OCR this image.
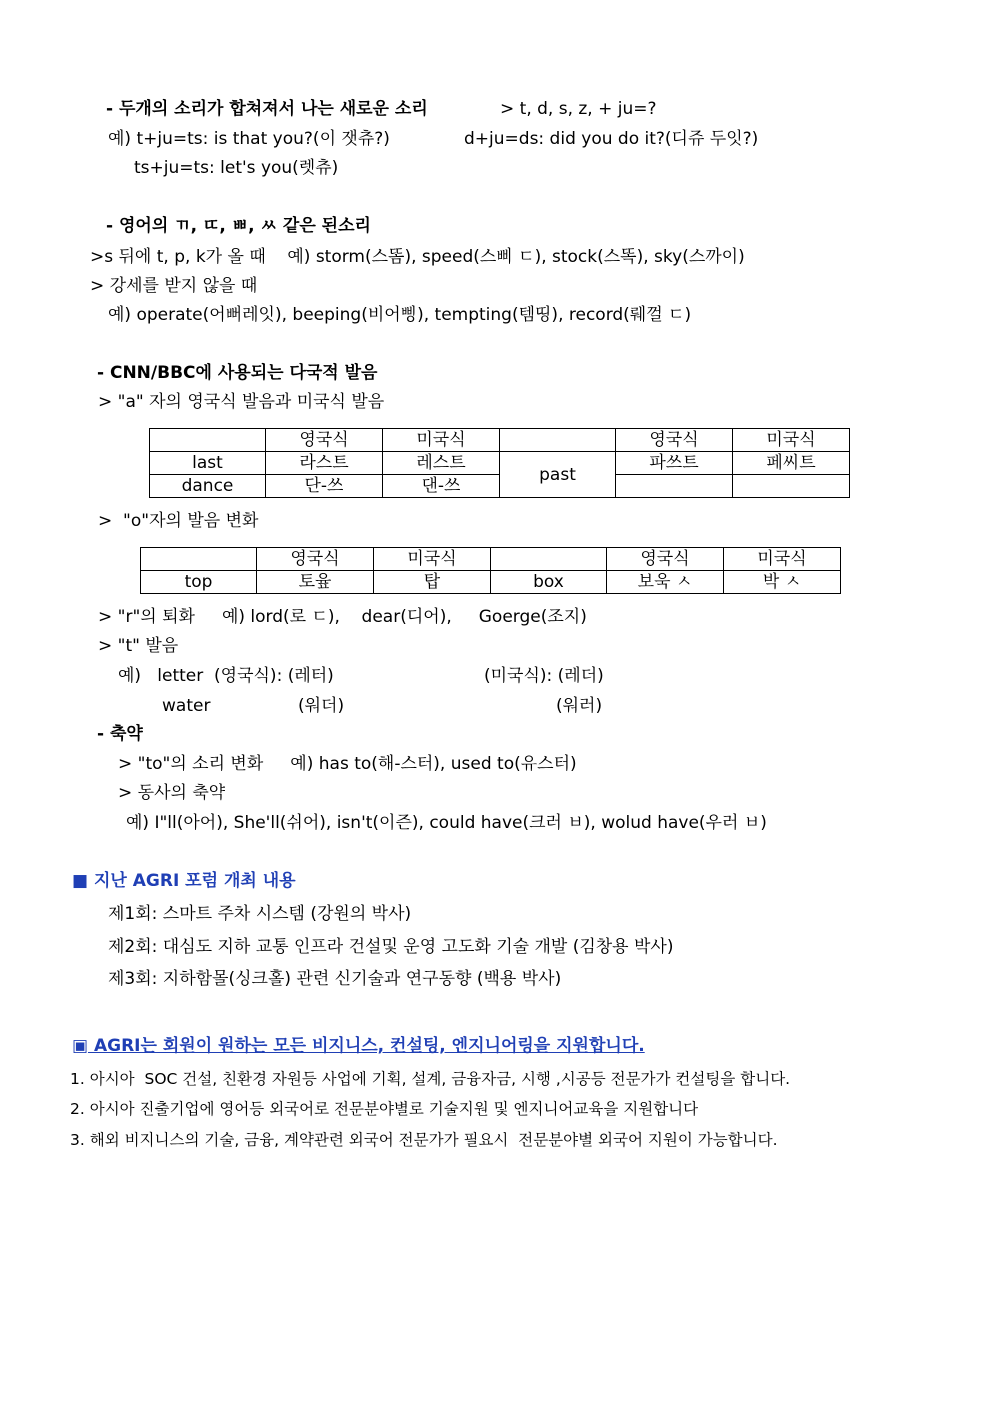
- 두개의 소리가 합쳐져서 나는 새로운 소리	> t, d, s, z, + ju=?
예) t+ju=ts: is that you?(이 잿츄?)	d+ju=ds: did you do it?(디쥬 두잇?)
ts+ju=ts: let's you(렛츄)
- 영어의 ㄲ, ㄸ, ㅃ, ㅆ 같은 된소리
>s 뒤에 t, p, k가 올 때    예) storm(스똠), speed(스삐 ㄷ), stock(스똑), sky(스까이)
> 강세를 받지 않을 때
예) operate(어뻐레잇), beeping(비어삥), tempting(템띵), record(뤠껄 ㄷ)
- CNN/BBC에 사용되는 다국적 발음
> "a" 자의 영국식 발음과 미국식 발음
	영국식	미국식		영국식	미국식
last	라스트	레스트	past	파쓰트	페씨트
dance	단-쓰	댄-쓰			
>  "o"자의 발음 변화
	영국식	미국식		영국식	미국식
top	토윺	탑	box	보욱 ㅅ	박 ㅅ
> "r"의 퇴화     예) lord(로 ㄷ),    dear(디어),     Goerge(조지)
> "t" 발음
예)   letter  (영국식): (레터)	(미국식): (레더)
water	(워더)	(워러)
- 축약
> "to"의 소리 변화     예) has to(해-스터), used to(유스터)
> 동사의 축약
예) I"ll(아어), She'll(쉬어), isn't(이즌), could have(크러 ㅂ), wolud have(우러 ㅂ)
■ 지난 AGRI 포럼 개최 내용
제1회: 스마트 주차 시스템 (강원의 박사)
제2회: 대심도 지하 교통 인프라 건설및 운영 고도화 기술 개발 (김창용 박사)
제3회: 지하함몰(싱크홀) 관련 신기술과 연구동향 (백용 박사)
▣ AGRI는 회원이 원하는 모든 비지니스, 컨설팅, 엔지니어링을 지원합니다.
1. 아시아  SOC 건설, 친환경 자원등 사업에 기획, 설계, 금융자금, 시행 ,시공등 전문가가 컨설팅을 합니다.
2. 아시아 진출기업에 영어등 외국어로 전문분야별로 기술지원 및 엔지니어교육을 지원합니다
3. 해외 비지니스의 기술, 금융, 계약관련 외국어 전문가가 필요시  전문분야별 외국어 지원이 가능합니다.
